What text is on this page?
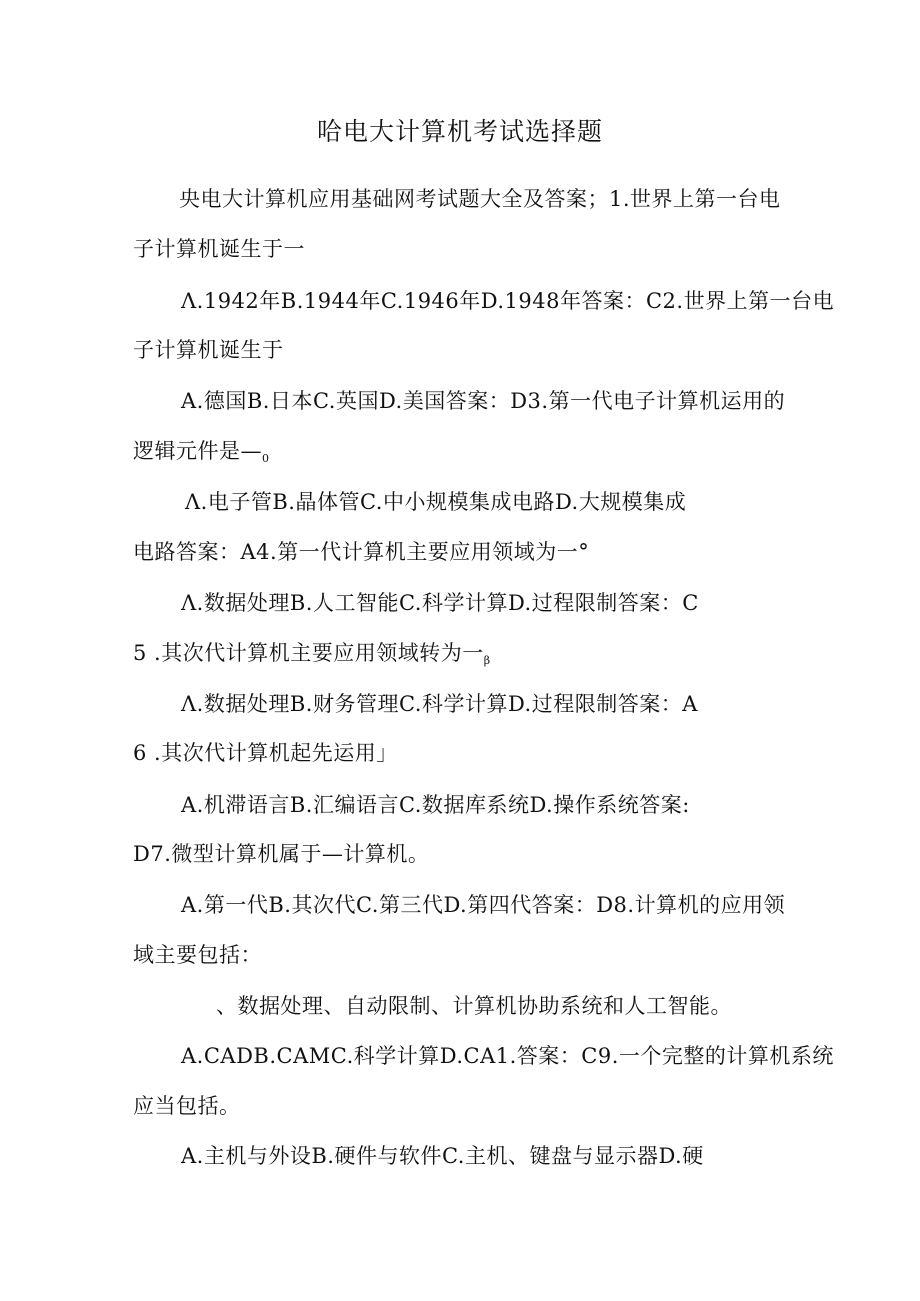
哈电大计算机考试选择题
央电大计算机应用基础网考试题大全及答案；1.世界上第一台电
子计算机诞生于一
Λ.1942年B.1944年C.1946年D.1948年答案：C2.世界上第一台电
子计算机诞生于
A.德国B.日本C.英国D.美国答案：D3.第一代电子计算机运用的
逻辑元件是—0
Λ.电子管B.晶体管C.中小规模集成电路D.大规模集成
电路答案：A4.第一代计算机主要应用领域为一°
Λ.数据处理B.人工智能C.科学计算D.过程限制答案：C
5 .其次代计算机主要应用领域转为一β
Λ.数据处理B.财务管理C.科学计算D.过程限制答案：A
6 .其次代计算机起先运用」
A.机滞语言B.汇编语言C.数据库系统D.操作系统答案:
D7.微型计算机属于—计算机。
A.第一代B.其次代C.第三代D.第四代答案：D8.计算机的应用领
域主要包括：
、数据处理、自动限制、计算机协助系统和人工智能。
A.CADB.CAMC.科学计算D.CA1.答案：C9.一个完整的计算机系统
应当包括。
A.主机与外设B.硬件与软件C.主机、键盘与显示器D.硬
